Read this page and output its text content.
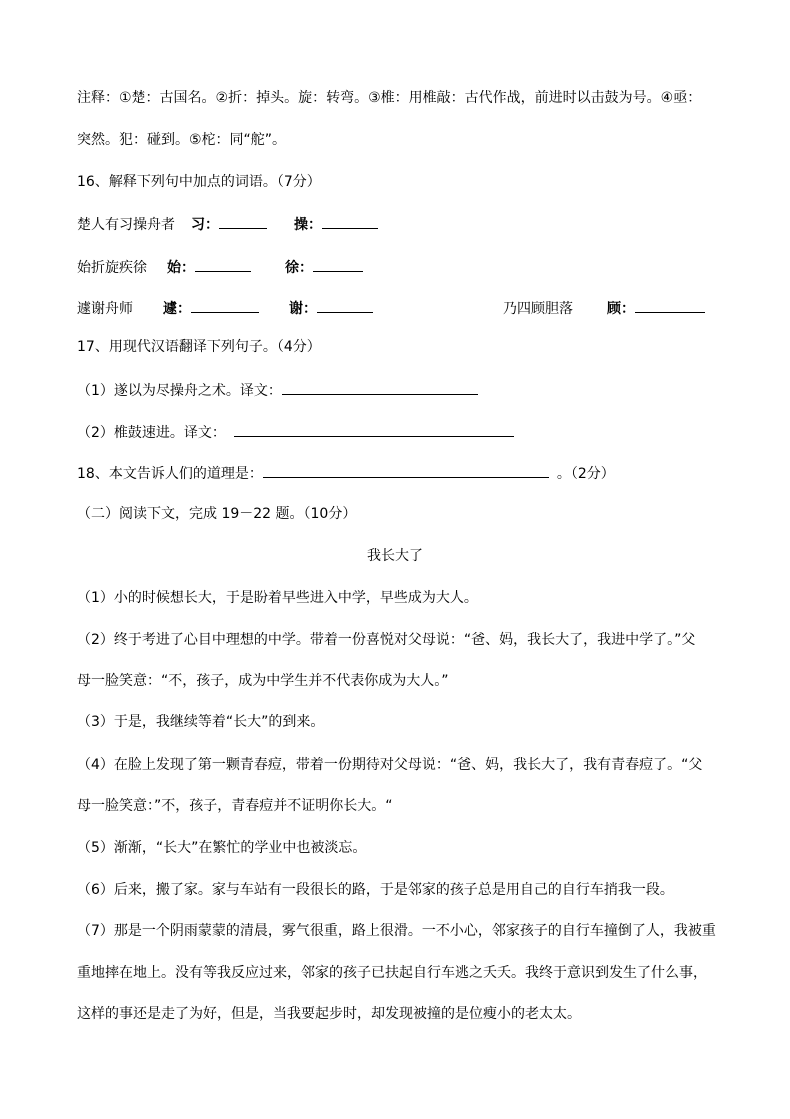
注释：①楚：古国名。②折：掉头。旋：转弯。③椎：用椎敲：古代作战，前进时以击鼓为号。④亟：
突然。犯：碰到。⑤柁：同“舵”。
16、解释下列句中加点的词语。（7分）
楚人有习操舟者 习：	操：
始折旋疾徐 始：	徐：
遽谢舟师 遽：	谢：	乃四顾胆落 顾：
17、用现代汉语翻译下列句子。（4分）
（1）遂以为尽操舟之术。译文：
（2）椎鼓速进。译文：
18、本文告诉人们的道理是：	。（2分）
（二）阅读下文，完成 19－22 题。（10分）
我长大了
（1）小的时候想长大，于是盼着早些进入中学，早些成为大人。
（2）终于考进了心目中理想的中学。带着一份喜悦对父母说：“爸、妈，我长大了，我进中学了。”父
母一脸笑意：“不，孩子，成为中学生并不代表你成为大人。”
（3）于是，我继续等着“长大”的到来。
（4）在脸上发现了第一颗青春痘，带着一份期待对父母说：“爸、妈，我长大了，我有青春痘了。“父
母一脸笑意：”不，孩子，青春痘并不证明你长大。“
（5）渐渐，“长大”在繁忙的学业中也被淡忘。
（6）后来，搬了家。家与车站有一段很长的路，于是邻家的孩子总是用自己的自行车捎我一段。
（7）那是一个阴雨蒙蒙的清晨，雾气很重，路上很滑。一不小心，邻家孩子的自行车撞倒了人，我被重
重地摔在地上。没有等我反应过来，邻家的孩子已扶起自行车逃之夭夭。我终于意识到发生了什么事，
这样的事还是走了为好，但是，当我要起步时，却发现被撞的是位瘦小的老太太。
